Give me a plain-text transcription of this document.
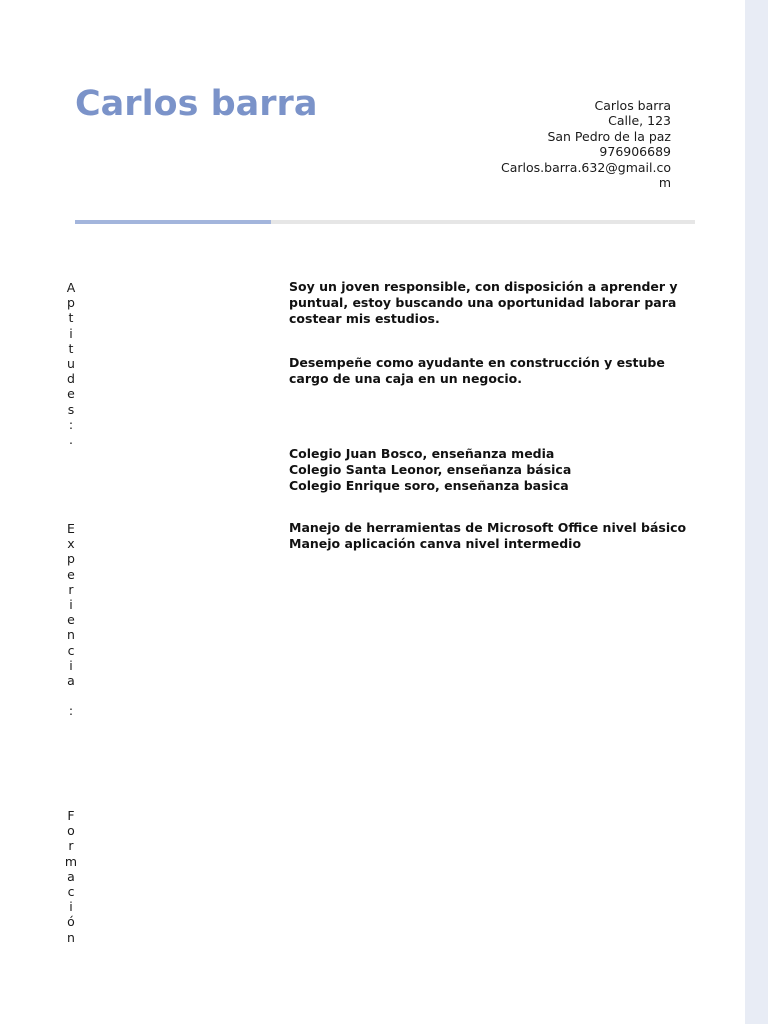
Carlos barra	Carlos barra
Calle, 123
San Pedro de la paz
976906689
Carlos.barra.632@gmail.com
A
p
t
i
t
u
d
e
s
:
.
E
x
p
e
r
i
e
n
c
i
a

:
F
o
r
m
a
c
i
ó
n
Soy un joven responsible, con disposición a aprender y
puntual, estoy buscando una oportunidad laborar para
costear mis estudios.
Desempeñe como ayudante en construcción y estube
cargo de una caja en un negocio.
Colegio Juan Bosco, enseñanza media
Colegio Santa Leonor, enseñanza básica
Colegio Enrique soro, enseñanza basica
Manejo de herramientas de Microsoft Office nivel básico
Manejo aplicación canva nivel intermedio
